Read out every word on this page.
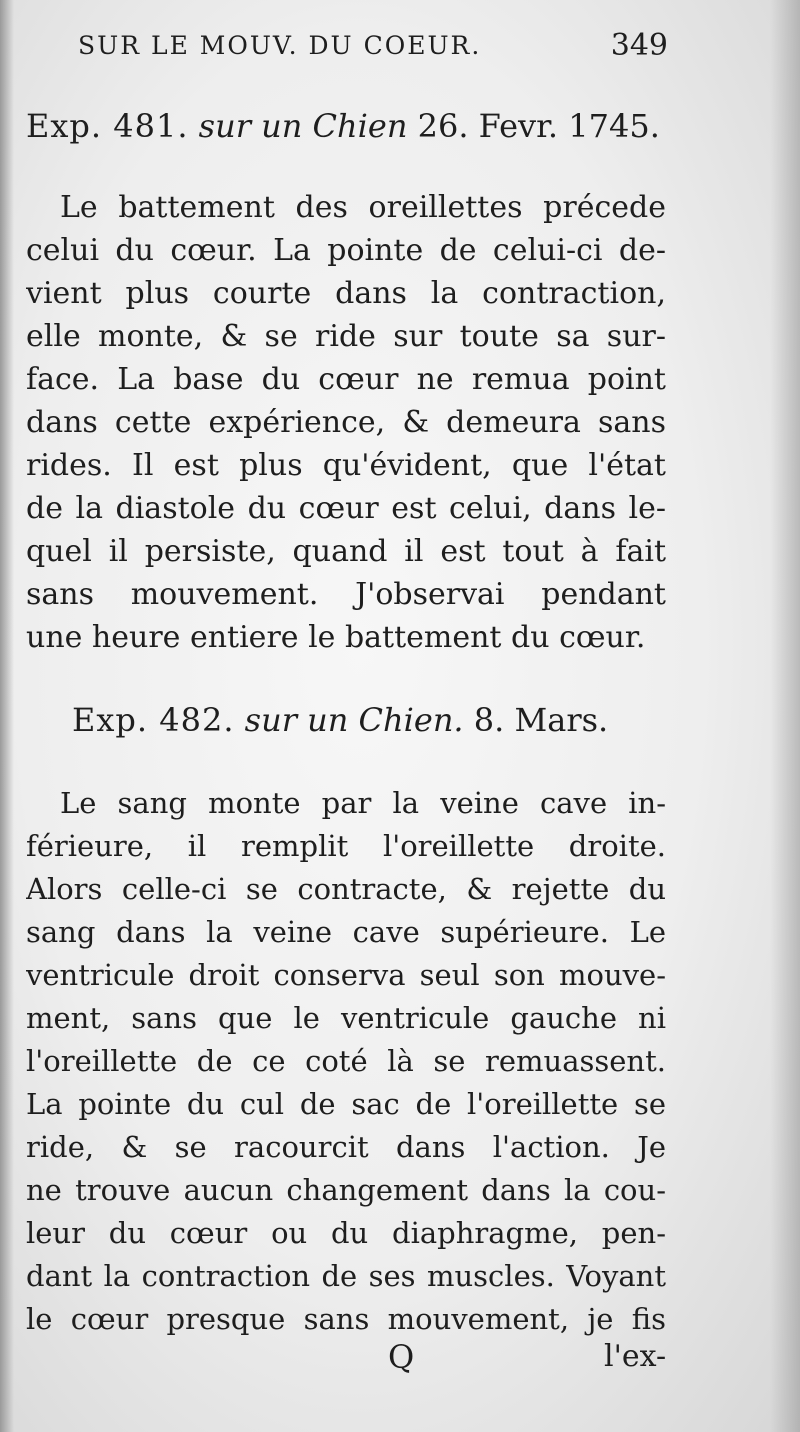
SUR LE MOUV. DU COEUR.	349
Exp. 481. sur un Chien 26. Fevr. 1745.
Le battement des oreillettes précede
celui du cœur. La pointe de celui-ci de-
vient plus courte dans la contraction,
elle monte, & se ride sur toute sa sur-
face. La base du cœur ne remua point
dans cette expérience, & demeura sans
rides. Il est plus qu'évident, que l'état
de la diastole du cœur est celui, dans le-
quel il persiste, quand il est tout à fait
sans mouvement. J'observai pendant
une heure entiere le battement du cœur.
Exp. 482. sur un Chien. 8. Mars.
Le sang monte par la veine cave in-
férieure, il remplit l'oreillette droite.
Alors celle-ci se contracte, & rejette du
sang dans la veine cave supérieure. Le
ventricule droit conserva seul son mouve-
ment, sans que le ventricule gauche ni
l'oreillette de ce coté là se remuassent.
La pointe du cul de sac de l'oreillette se
ride, & se racourcit dans l'action. Je
ne trouve aucun changement dans la cou-
leur du cœur ou du diaphragme, pen-
dant la contraction de ses muscles. Voyant
le cœur presque sans mouvement, je fis
Q	l'ex-
